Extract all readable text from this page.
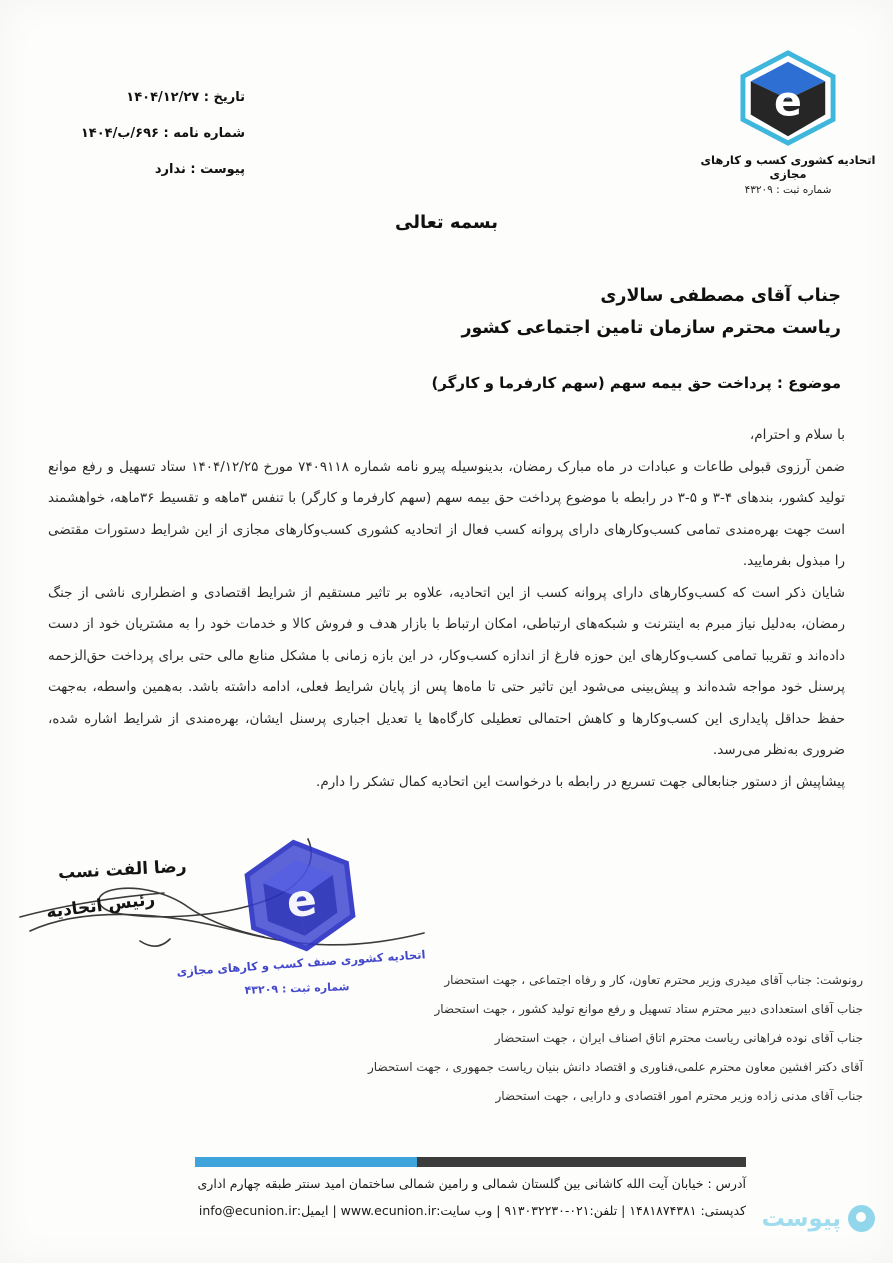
تاریخ : ۱۴۰۴/۱۲/۲۷
شماره نامه : ۶۹۶/ب/۱۴۰۴
پیوست : ندارد
e
اتحادیه کشوری کسب و کارهای مجازی
شماره ثبت : ۴۳۲۰۹
بسمه تعالی
جناب آقای مصطفی سالاری
ریاست محترم سازمان تامین اجتماعی کشور
موضوع : پرداخت حق بیمه سهم (سهم کارفرما و کارگر)

با سلام و احترام،

ضمن آرزوی قبولی طاعات و عبادات در ماه مبارک رمضان، بدینوسیله پیرو نامه شماره ۷۴۰۹۱۱۸ مورخ ۱۴۰۴/۱۲/۲۵ ستاد تسهیل و رفع موانع تولید کشور، بندهای ۴-۳ و ۵-۳ در رابطه با موضوع پرداخت حق بیمه سهم (سهم کارفرما و کارگر) با تنفس ۳ماهه و تقسیط ۳۶ماهه، خواهشمند است جهت بهره‌مندی تمامی کسب‌وکارهای دارای پروانه کسب فعال از اتحادیه کشوری کسب‌وکارهای مجازی از این شرایط دستورات مقتضی را مبذول بفرمایید.

شایان ذکر است که کسب‌وکارهای دارای پروانه کسب از این اتحادیه، علاوه بر تاثیر مستقیم از شرایط اقتصادی و اضطراری ناشی از جنگ رمضان، به‌دلیل نیاز مبرم به اینترنت و شبکه‌های ارتباطی، امکان ارتباط با بازار هدف و فروش کالا و خدمات خود را به مشتریان خود از دست داده‌اند و تقریبا تمامی کسب‌وکارهای این حوزه فارغ از اندازه کسب‌وکار، در این بازه زمانی با مشکل منابع مالی حتی برای پرداخت حق‌الزحمه پرسنل خود مواجه شده‌اند و پیش‌بینی می‌شود این تاثیر حتی تا ماه‌ها پس از پایان شرایط فعلی، ادامه داشته باشد. به‌همین واسطه، به‌جهت حفظ حداقل پایداری این کسب‌وکارها و کاهش احتمالی تعطیلی کارگاه‌ها یا تعدیل اجباری پرسنل ایشان، بهره‌مندی از شرایط اشاره شده، ضروری به‌نظر می‌رسد.

پیشاپیش از دستور جنابعالی جهت تسریع در رابطه با درخواست این اتحادیه کمال تشکر را دارم.

رضا الفت نسب
رئیس اتحادیه	e
اتحادیه کشوری صنف کسب و کارهای مجازی
شماره ثبت : ۴۳۲۰۹
رونوشت: جناب آقای میدری وزیر محترم تعاون، کار و رفاه اجتماعی ، جهت استحضار
جناب آقای استعدادی دبیر محترم ستاد تسهیل و رفع موانع تولید کشور ، جهت استحضار
جناب آقای نوده فراهانی ریاست محترم اتاق اصناف ایران ، جهت استحضار
آقای دکتر افشین معاون محترم علمی،فناوری و اقتصاد دانش بنیان ریاست جمهوری ، جهت استحضار
جناب آقای مدنی زاده وزیر محترم امور اقتصادی و دارایی ، جهت استحضار
آدرس : خیابان آیت الله کاشانی بین گلستان شمالی و رامین شمالی ساختمان امید سنتر طبقه چهارم اداری
کدپستی: ۱۴۸۱۸۷۴۳۸۱ | تلفن:۰۲۱-۹۱۳۰۳۲۲۳۰ | وب سایت:www.ecunion.ir | ایمیل:info@ecunion.ir پیوست
